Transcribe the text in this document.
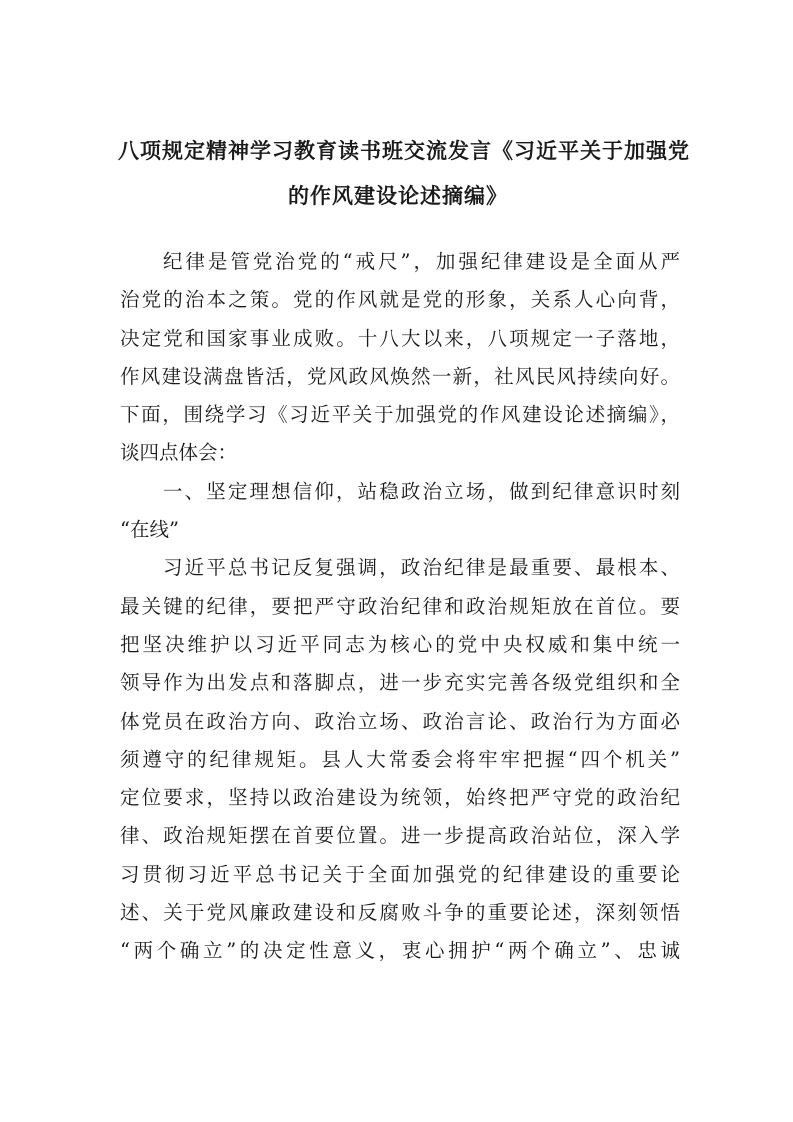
八项规定精神学习教育读书班交流发言《习近平关于加强党
的作风建设论述摘编》
纪律是管党治党的“戒尺”，加强纪律建设是全面从严
治党的治本之策。党的作风就是党的形象，关系人心向背，
决定党和国家事业成败。十八大以来，八项规定一子落地，
作风建设满盘皆活，党风政风焕然一新，社风民风持续向好。
下面，围绕学习《习近平关于加强党的作风建设论述摘编》，
谈四点体会：
一、坚定理想信仰，站稳政治立场，做到纪律意识时刻
“在线”
习近平总书记反复强调，政治纪律是最重要、最根本、
最关键的纪律，要把严守政治纪律和政治规矩放在首位。要
把坚决维护以习近平同志为核心的党中央权威和集中统一
领导作为出发点和落脚点，进一步充实完善各级党组织和全
体党员在政治方向、政治立场、政治言论、政治行为方面必
须遵守的纪律规矩。县人大常委会将牢牢把握“四个机关”
定位要求，坚持以政治建设为统领，始终把严守党的政治纪
律、政治规矩摆在首要位置。进一步提高政治站位，深入学
习贯彻习近平总书记关于全面加强党的纪律建设的重要论
述、关于党风廉政建设和反腐败斗争的重要论述，深刻领悟
“两个确立”的决定性意义，衷心拥护“两个确立”、忠诚
